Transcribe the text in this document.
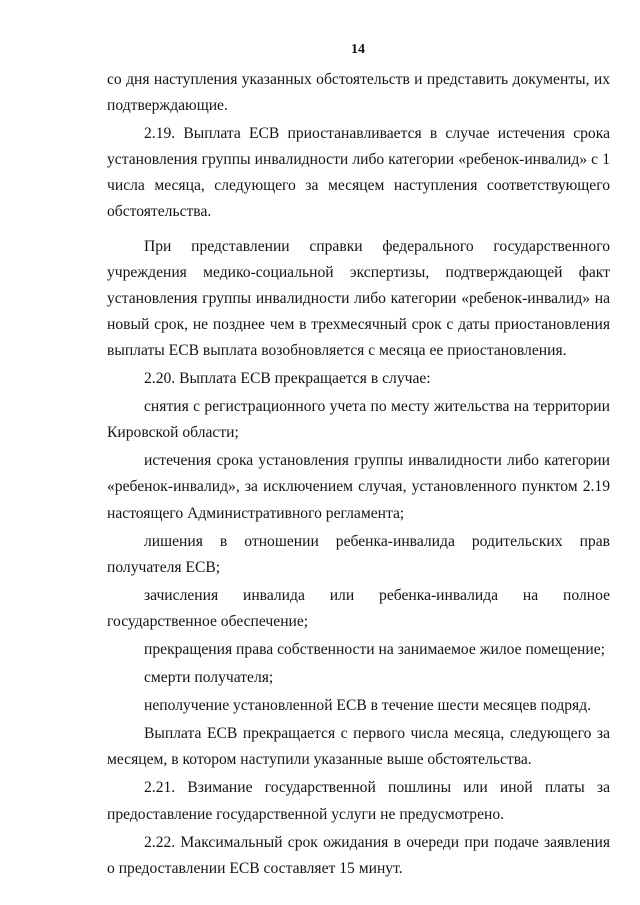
14

со дня наступления указанных обстоятельств и представить документы, их подтверждающие.

2.19. Выплата ЕСВ приостанавливается в случае истечения срока установления группы инвалидности либо категории «ребенок-инвалид» с 1 числа месяца, следующего за месяцем наступления соответствующего обстоятельства.

При представлении справки федерального государственного учреждения медико-социальной экспертизы, подтверждающей факт установления группы инвалидности либо категории «ребенок-инвалид» на новый срок, не позднее чем в трехмесячный срок с даты приостановления выплаты ЕСВ выплата возобновляется с месяца ее приостановления.

2.20. Выплата ЕСВ прекращается в случае:

снятия с регистрационного учета по месту жительства на территории Кировской области;

истечения срока установления группы инвалидности либо категории «ребенок-инвалид», за исключением случая, установленного пунктом 2.19 настоящего Административного регламента;

лишения в отношении ребенка-инвалида родительских прав получателя ЕСВ;

зачисления инвалида или ребенка-инвалида на полное государственное обеспечение;

прекращения права собственности на занимаемое жилое помещение;

смерти получателя;

неполучение установленной ЕСВ в течение шести месяцев подряд.

Выплата ЕСВ прекращается с первого числа месяца, следующего за месяцем, в котором наступили указанные выше обстоятельства.

2.21. Взимание государственной пошлины или иной платы за предоставление государственной услуги не предусмотрено.

2.22. Максимальный срок ожидания в очереди при подаче заявления о предоставлении ЕСВ составляет 15 минут.
